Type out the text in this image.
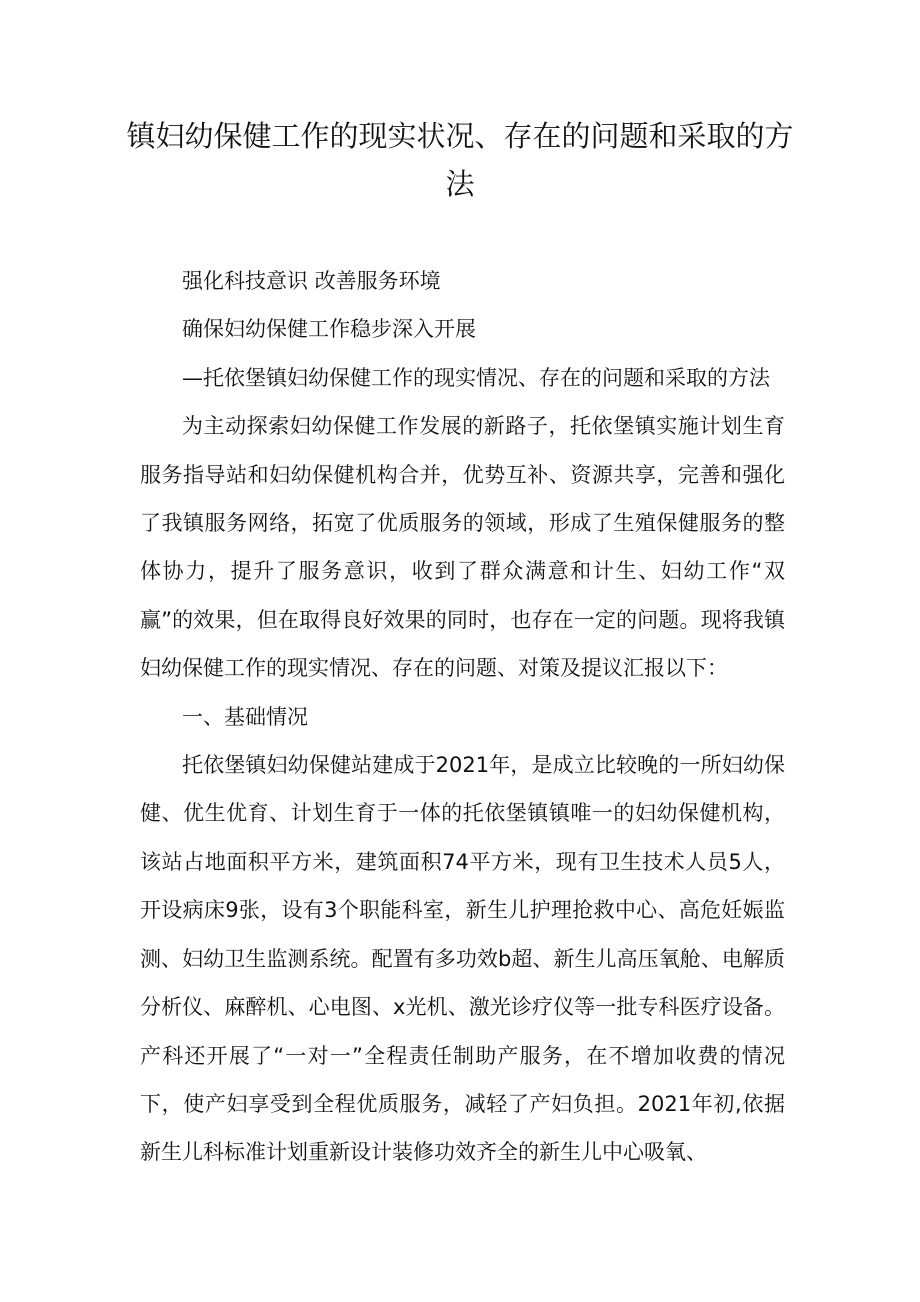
镇妇幼保健工作的现实状况、存在的问题和采取的方法

强化科技意识 改善服务环境

确保妇幼保健工作稳步深入开展

—托依堡镇妇幼保健工作的现实情况、存在的问题和采取的方法

为主动探索妇幼保健工作发展的新路子，托依堡镇实施计划生育服务指导站和妇幼保健机构合并，优势互补、资源共享，完善和强化了我镇服务网络，拓宽了优质服务的领域，形成了生殖保健服务的整体协力，提升了服务意识，收到了群众满意和计生、妇幼工作“双赢”的效果，但在取得良好效果的同时，也存在一定的问题。现将我镇妇幼保健工作的现实情况、存在的问题、对策及提议汇报以下：

一、基础情况

托依堡镇妇幼保健站建成于2021年，是成立比较晚的一所妇幼保健、优生优育、计划生育于一体的托依堡镇镇唯一的妇幼保健机构，该站占地面积平方米，建筑面积74平方米，现有卫生技术人员5人，开设病床9张，设有3个职能科室，新生儿护理抢救中心、高危妊娠监测、妇幼卫生监测系统。配置有多功效b超、新生儿高压氧舱、电解质分析仪、麻醉机、心电图、x光机、激光诊疗仪等一批专科医疗设备。产科还开展了“一对一”全程责任制助产服务，在不增加收费的情况下，使产妇享受到全程优质服务，减轻了产妇负担。2021年初,依据新生儿科标准计划重新设计装修功效齐全的新生儿中心吸氧、
